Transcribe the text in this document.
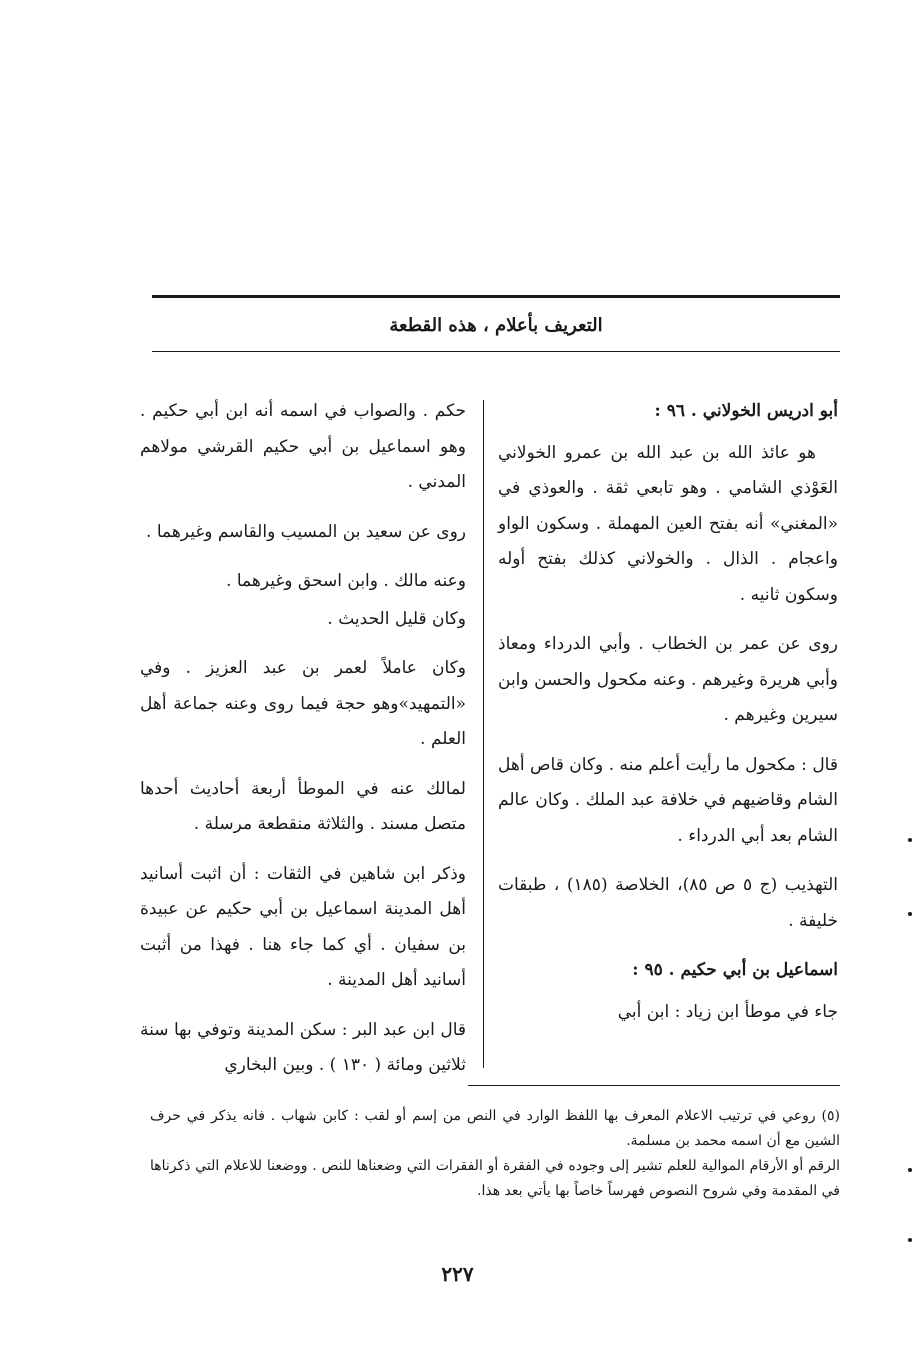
التعريف بأعلام ، هذه القطعة

أبو ادريس الخولاني . ٩٦ :

هو عائذ الله بن عبد الله بن عمرو الخولاني العَوْذي الشامي . وهو تابعي ثقة . والعوذي في «المغني» أنه بفتح العين المهملة . وسكون الواو واعجام . الذال . والخولاني كذلك بفتح أوله وسكون ثانيه .

روى عن عمر بن الخطاب . وأبي الدرداء ومعاذ وأبي هريرة وغيرهم . وعنه مكحول والحسن وابن سيرين وغيرهم .

قال : مكحول ما رأيت أعلم منه . وكان قاص أهل الشام وقاضيهم في خلافة عبد الملك . وكان عالم الشام بعد أبي الدرداء .

التهذيب (ج ٥ ص ٨٥)، الخلاصة (١٨٥) ، طبقات خليفة .

اسماعيل بن أبي حكيم . ٩٥ :

جاء في موطأ ابن زياد : ابن أبي

حكم . والصواب في اسمه أنه ابن أبي حكيم . وهو اسماعيل بن أبي حكيم القرشي مولاهم المدني .

روى عن سعيد بن المسيب والقاسم وغيرهما .

وعنه مالك . وابن اسحق وغيرهما .

وكان قليل الحديث .

وكان عاملاً لعمر بن عبد العزيز . وفي «التمهيد»وهو حجة فيما روى وعنه جماعة أهل العلم .

لمالك عنه في الموطأ أربعة أحاديث أحدها متصل مسند . والثلاثة منقطعة مرسلة .

وذكر ابن شاهين في الثقات : أن اثبت أسانيد أهل المدينة اسماعيل بن أبي حكيم عن عبيدة بن سفيان . أي كما جاء هنا . فهذا من أثبت أسانيد أهل المدينة .

قال ابن عبد البر : سكن المدينة وتوفي بها سنة ثلاثين ومائة ( ١٣٠ ) . وبين البخاري

(٥) روعي في ترتيب الاعلام المعرف بها اللفظ الوارد في النص من إسم أو لقب : كابن شهاب . فانه يذكر في حرف الشين مع أن اسمه محمد بن مسلمة.

الرقم أو الأرقام الموالية للعلم تشير إلى وجوده في الفقرة أو الفقرات التي وضعناها للنص . ووضعنا للاعلام التي ذكرناها في المقدمة وفي شروح النصوص فهرساً خاصاً بها يأتي بعد هذا.

٢٢٧
